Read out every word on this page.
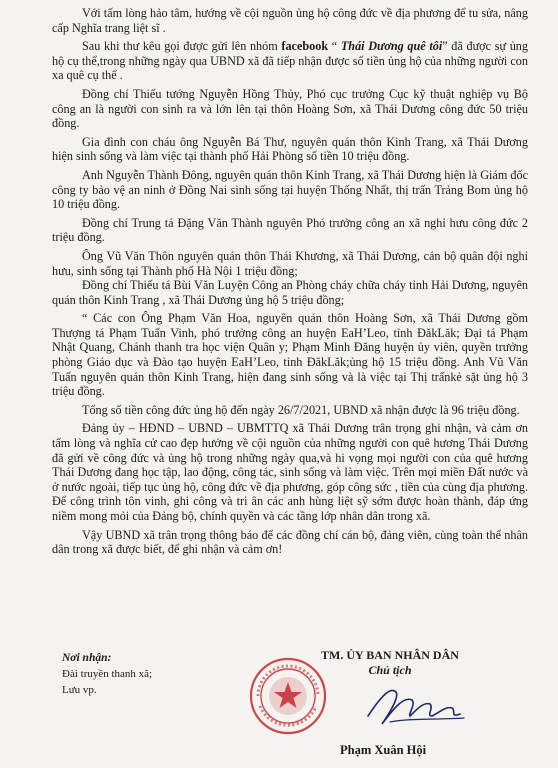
Với tấm lòng hảo tâm, hướng về cội nguồn ủng hộ công đức về địa phương để tu sửa, nâng cấp Nghĩa trang liệt sĩ .

Sau khi thư kêu gọi được gửi lên nhóm facebook “ Thái Dương quê tôi” đã được sự ủng hộ cụ thể,trong những ngày qua UBND xã đã tiếp nhận được số tiền ủng hộ của những người con xa quê cụ thể .

Đồng chí Thiếu tướng Nguyễn Hồng Thủy, Phó cục trưởng Cục kỹ thuật nghiệp vụ Bộ công an là người con sinh ra và lớn lên tại thôn Hoàng Sơn, xã Thái Dương công đức 50 triệu đồng.

Gia đình con cháu ông Nguyễn Bá Thư, nguyên quán thôn Kinh Trang, xã Thái Dương hiện sinh sống và làm việc tại thành phố Hải Phòng số tiền 10 triệu đồng.

Anh Nguyễn Thành Đông, nguyên quán thôn Kinh Trang, xã Thái Dương hiện là Giám đốc công ty bảo vệ an ninh ở Đồng Nai sinh sống tại huyện Thống Nhất, thị trấn Trảng Bom ủng hộ 10 triệu đồng.

Đồng chí Trung tá Đặng Văn Thành nguyên Phó trưởng công an xã nghỉ hưu công đức 2 triệu đồng.

Ông Vũ Văn Thôn nguyên quán thôn Thái Khương, xã Thái Dương, cán bộ quân đội nghỉ hưu, sinh sống tại Thành phố Hà Nội 1 triệu đồng;

Đồng chí Thiếu tá Bùi Văn Luyện Công an Phòng cháy chữa cháy tỉnh Hải Dương, nguyên quán thôn Kinh Trang , xã Thái Dương ủng hộ 5 triệu đồng;

“ Các con Ông Phạm Văn Hoa, nguyên quán thôn Hoàng Sơn, xã Thái Dương gồm Thượng tá Phạm Tuấn Vinh, phó trưởng công an huyện EaH’Leo, tỉnh ĐăkLăk; Đại tá Phạm Nhật Quang, Chánh thanh tra học viện Quân y; Phạm Minh Đăng huyện ủy viên, quyền trưởng phòng Giáo dục và Đào tạo huyện EaH’Leo, tỉnh ĐăkLăk;ủng hộ 15 triệu đồng. Anh Vũ Văn Tuấn nguyên quán thôn Kinh Trang, hiện đang sinh sống và là việc tại Thị trấnkẻ sặt ủng hộ 3 triệu đồng.

Tổng số tiền công đức ủng hộ đến ngày 26/7/2021, UBND xã nhận được là 96 triệu đồng.

Đảng ủy – HĐND – UBND – UBMTTQ xã Thái Dương trân trọng ghi nhận, và cảm ơn tấm lòng và nghĩa cử cao đẹp hướng về cội nguồn của những người con quê hương Thái Dương đã gửi về công đức và ủng hộ trong những ngày qua,và hi vọng mọi người con của quê hương Thái Dương đang học tập, lao động, công tác, sinh sống và làm việc. Trên mọi miền Đất nước và ở nước ngoài, tiếp tục ủng hộ, công đức về địa phương, góp công sức , tiền của cùng địa phương. Để công trình tôn vinh, ghi công và tri ân các anh hùng liệt sỹ sớm được hoàn thành, đáp ứng niềm mong mỏi của Đảng bộ, chính quyền và các tầng lớp nhân dân trong xã.

Vậy UBND xã trân trọng thông báo để các đồng chí cán bộ, đảng viên, cùng toàn thể nhân dân trong xã được biết, để ghi nhận và cảm ơn!

Nơi nhận:
Đài truyền thanh xã;
Lưu vp.
TM. ỦY BAN NHÂN DÂN
Chủ tịch
Phạm Xuân Hội
